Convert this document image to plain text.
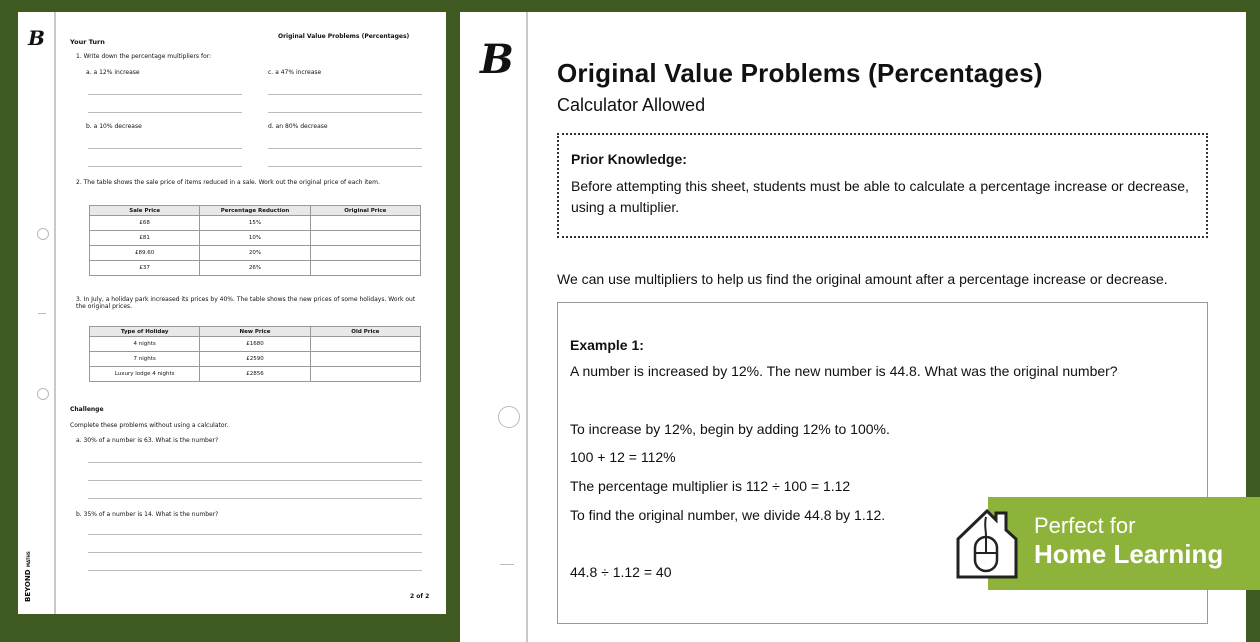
B
BEYOND MATHS
Your Turn
Original Value Problems (Percentages)
1. Write down the percentage multipliers for:
a. a 12% increase	c. a 47% increase
b. a 10% decrease	d. an 80% decrease
2. The table shows the sale price of items reduced in a sale. Work out the original price of each item.
Sale Price	Percentage Reduction	Original Price
£68	15%	
£81	10%	
£89.60	20%	
£37	26%	
3. In July, a holiday park increased its prices by 40%. The table shows the new prices of some holidays. Work out the original prices.
Type of Holiday	New Price	Old Price
4 nights	£1680	
7 nights	£2590	
Luxury lodge 4 nights	£2856	
Challenge
Complete these problems without using a calculator.
a. 30% of a number is 63. What is the number?
b. 35% of a number is 14. What is the number?
2 of 2
B Original Value Problems (Percentages)
Calculator Allowed
Prior Knowledge:
Before attempting this sheet, students must be able to calculate a percentage increase or decrease, using a multiplier.
We can use multipliers to help us find the original amount after a percentage increase or decrease.
Example 1:
A number is increased by 12%. The new number is 44.8. What was the original number?
To increase by 12%, begin by adding 12% to 100%.
100 + 12 = 112%
The percentage multiplier is 112 ÷ 100 = 1.12
To find the original number, we divide 44.8 by 1.12.
44.8 ÷ 1.12 = 40
Perfect for
Home Learning
